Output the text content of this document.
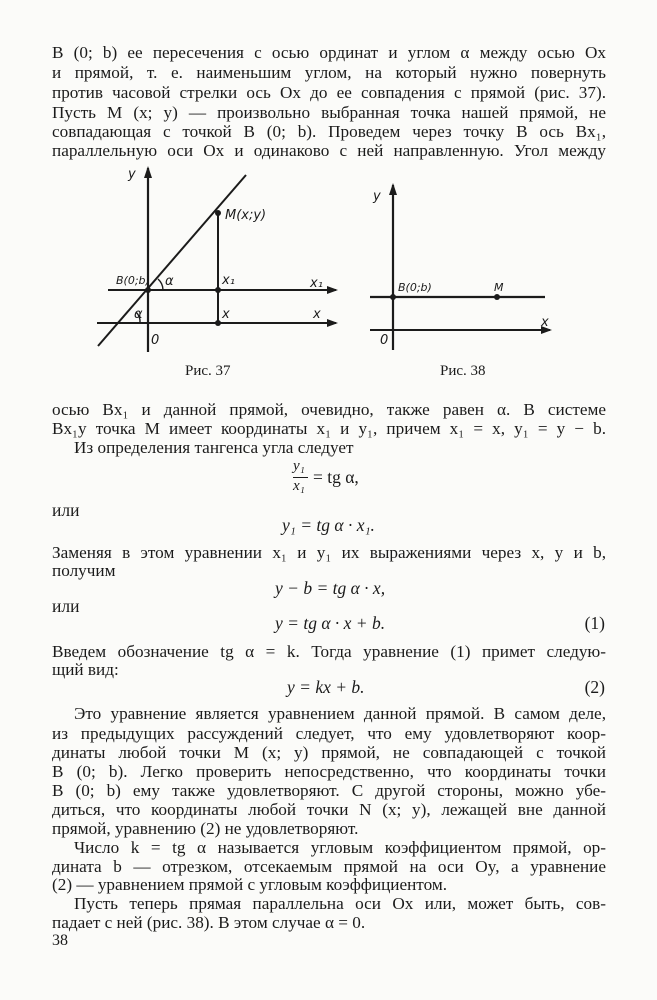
B (0; b) ее пересечения с осью ординат и углом α между осью Ox
и прямой, т. е. наименьшим углом, на который нужно повернуть
против часовой стрелки ось Ox до ее совпадения с прямой (рис. 37).
Пусть M (x; y) — произвольно выбранная точка нашей прямой, не
совпадающая с точкой B (0; b). Проведем через точку B ось Bx₁,
параллельную оси Ox и одинаково с ней направленную. Угол между
y
x
x₁
0
B(0;b)
M(x;y)
x₁
x
α
α
y
x
0
B(0;b)	M
Рис. 37	Рис. 38
осью Bx₁ и данной прямой, очевидно, также равен α. В системе
Bx₁y точка M имеет координаты x₁ и y₁, причем x₁ = x, y₁ = y − b.
Из определения тангенса угла следует
y₁
x₁ = tg α,
или
y₁ = tg α · x₁.
Заменяя в этом уравнении x₁ и y₁ их выражениями через x, y и b,
получим
y − b = tg α · x,
или
y = tg α · x + b.	(1)
Введем обозначение tg α = k. Тогда уравнение (1) примет следую-
щий вид:
y = kx + b.	(2)
Это уравнение является уравнением данной прямой. В самом деле,
из предыдущих рассуждений следует, что ему удовлетворяют коор-
динаты любой точки M (x; y) прямой, не совпадающей с точкой
B (0; b). Легко проверить непосредственно, что координаты точки
B (0; b) ему также удовлетворяют. С другой стороны, можно убе-
диться, что координаты любой точки N (x; y), лежащей вне данной
прямой, уравнению (2) не удовлетворяют.
Число k = tg α называется угловым коэффициентом прямой, ор-
дината b — отрезком, отсекаемым прямой на оси Oy, а уравнение
(2) — уравнением прямой с угловым коэффициентом.
Пусть теперь прямая параллельна оси Ox или, может быть, сов-
падает с ней (рис. 38). В этом случае α = 0.
38
